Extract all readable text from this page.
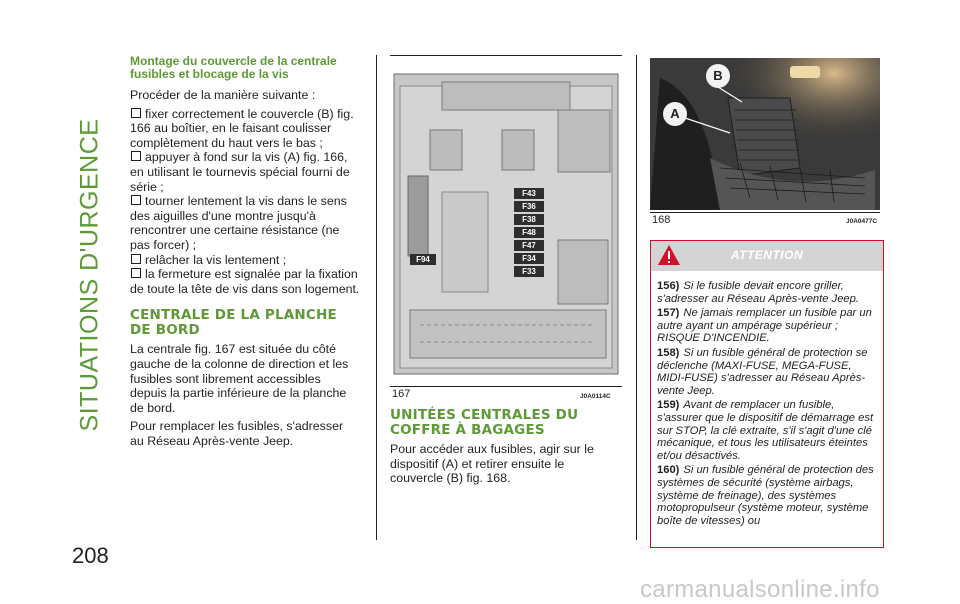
SITUATIONS D'URGENCE
208
Montage du couvercle de la centrale fusibles et blocage de la vis

Procéder de la manière suivante :

fixer correctement le couvercle (B) fig. 166 au boîtier, en le faisant coulisser complètement du haut vers le bas ;

appuyer à fond sur la vis (A) fig. 166, en utilisant le tournevis spécial fourni de série ;

tourner lentement la vis dans le sens des aiguilles d'une montre jusqu'à rencontrer une certaine résistance (ne pas forcer) ;

relâcher la vis lentement ;

la fermeture est signalée par la fixation de toute la tête de vis dans son logement.

CENTRALE DE LA PLANCHE DE BORD

La centrale fig. 167 est située du côté gauche de la colonne de direction et les fusibles sont librement accessibles depuis la partie inférieure de la planche de bord.

Pour remplacer les fusibles, s'adresser au Réseau Après-vente Jeep.

F43
F36
F38
F48
F47
F34
F33
F94
167	J0A0114C
UNITÉES CENTRALES DU COFFRE À BAGAGES

Pour accéder aux fusibles, agir sur le dispositif (A) et retirer ensuite le couvercle (B) fig. 168.

A
B
168	J0A0477C
ATTENTION

156) Si le fusible devait encore griller, s'adresser au Réseau Après-vente Jeep.

157) Ne jamais remplacer un fusible par un autre ayant un ampérage supérieur ; RISQUE D'INCENDIE.

158) Si un fusible général de protection se déclenche (MAXI-FUSE, MEGA-FUSE, MIDI-FUSE) s'adresser au Réseau Après-vente Jeep.

159) Avant de remplacer un fusible, s'assurer que le dispositif de démarrage est sur STOP, la clé extraite, s'il s'agit d'une clé mécanique, et tous les utilisateurs éteintes et/ou désactivés.

160) Si un fusible général de protection des systèmes de sécurité (système airbags, système de freinage), des systèmes motopropulseur (système moteur, système boîte de vitesses) ou

carmanualsonline.info
